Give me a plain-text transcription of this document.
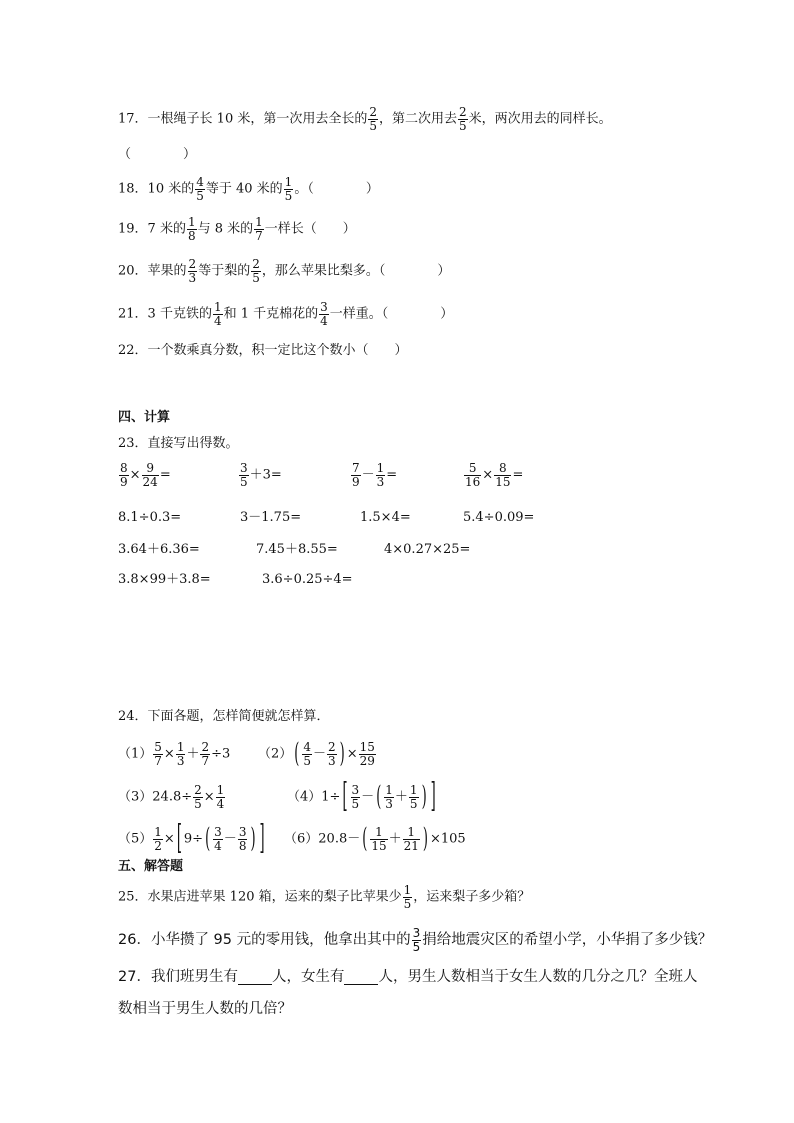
17．一根绳子长 10 米，第一次用去全长的 $\frac{2}{5}$ ，第二次用去 $\frac{2}{5}$ 米，两次用去的同样长。
（　　　　）
18．10 米的 $\frac{4}{5}$ 等于 40 米的 $\frac{1}{5}$ 。（　　　　）
19．7 米的 $\frac{1}{8}$ 与 8 米的 $\frac{1}{7}$ 一样长（　　）
20．苹果的 $\frac{2}{3}$ 等于梨的 $\frac{2}{5}$ ，那么苹果比梨多。（　　　　）
21．3 千克铁的 $\frac{1}{4}$ 和 1 千克棉花的 $\frac{3}{4}$ 一样重。（　　　　）
22．一个数乘真分数，积一定比这个数小（　　）
四、计算
23．直接写出得数。
$\frac{8}{9} \times \frac{9}{24}$ =	$\frac{3}{5} +3=$	$\frac{7}{9} - \frac{1}{3}$ =	$\frac{5}{16} \times \frac{8}{15}$ =
8.1÷0.3=	3－1.75=	1.5×4=	5.4÷0.09=
3.64＋6.36=	7.45＋8.55=	4×0.27×25=
3.8×99＋3.8=	3.6÷0.25÷4=
24．下面各题，怎样简便就怎样算．
$(1) \frac{5}{7} \times \frac{1}{3} + \frac{2}{7} \div 3$ （2） ( $\frac{4}{5} - \frac{2}{3}$ ) × $\frac{15}{29}$
$(3)24.8\div \frac{2}{5} \times \frac{1}{4}$	（4）1÷ [ $\frac{3}{5}$ － ( $\frac{1}{3} + \frac{1}{5}$ ) ]
$(5) \frac{1}{2}$ × [ 9÷ ( $\frac{3}{4} - \frac{3}{8}$ ) ] （6）20.8－ ( $\frac{1}{15} + \frac{1}{21}$ ) ×105
五、解答题
25．水果店进苹果 120 箱，运来的梨子比苹果少 $\frac{1}{5}$ ，运来梨子多少箱？
26．小华攒了 95 元的零用钱，他拿出其中的 $\frac{3}{5}$ 捐给地震灾区的希望小学，小华捐了多少钱？
27．我们班男生有 人，女生有 人，男生人数相当于女生人数的几分之几？全班人
数相当于男生人数的几倍？
